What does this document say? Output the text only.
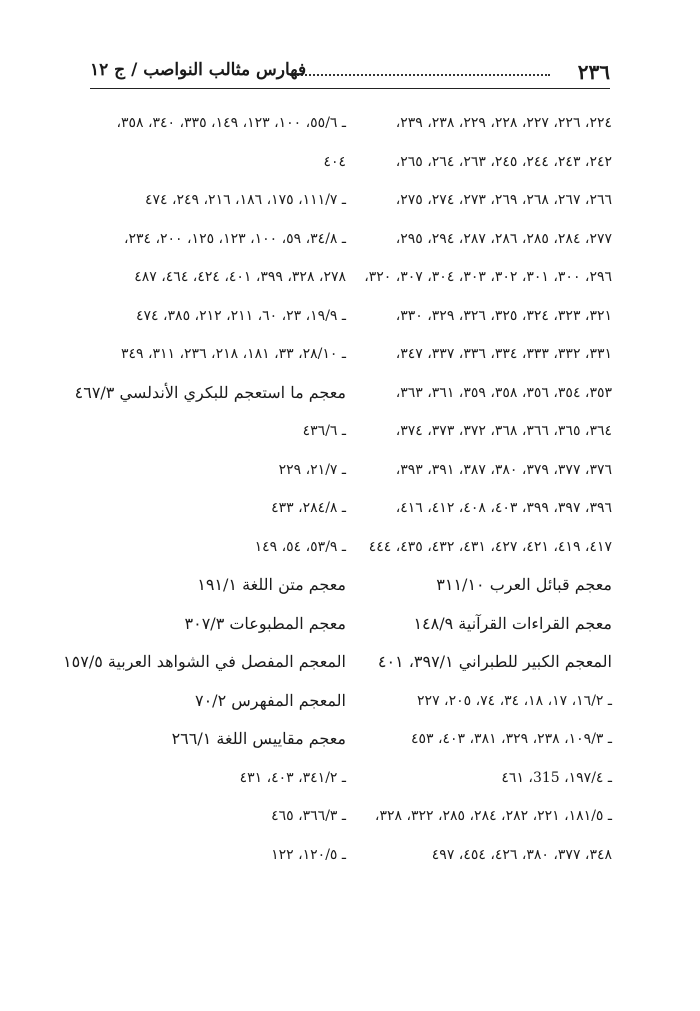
٢٣٦
فهارس مثالب النواصب / ج ١٢
٢٢٤، ٢٢٦، ٢٢٧، ٢٢٨، ٢٢٩، ٢٣٨، ٢٣٩،
٢٤٢، ٢٤٣، ٢٤٤، ٢٤٥، ٢٦٣، ٢٦٤، ٢٦٥،
٢٦٦، ٢٦٧، ٢٦٨، ٢٦٩، ٢٧٣، ٢٧٤، ٢٧٥،
٢٧٧، ٢٨٤، ٢٨٥، ٢٨٦، ٢٨٧، ٢٩٤، ٢٩٥،
٢٩٦، ٣٠٠، ٣٠١، ٣٠٢، ٣٠٣، ٣٠٤، ٣٠٧، ٣٢٠،
٣٢١، ٣٢٣، ٣٢٤، ٣٢٥، ٣٢٦، ٣٢٩، ٣٣٠،
٣٣١، ٣٣٢، ٣٣٣، ٣٣٤، ٣٣٦، ٣٣٧، ٣٤٧،
٣٥٣، ٣٥٤، ٣٥٦، ٣٥٨، ٣٥٩، ٣٦١، ٣٦٣،
٣٦٤، ٣٦٥، ٣٦٦، ٣٦٨، ٣٧٢، ٣٧٣، ٣٧٤،
٣٧٦، ٣٧٧، ٣٧٩، ٣٨٠، ٣٨٧، ٣٩١، ٣٩٣،
٣٩٦، ٣٩٧، ٣٩٩، ٤٠٣، ٤٠٨، ٤١٢، ٤١٦،
٤١٧، ٤١٩، ٤٢١، ٤٢٧، ٤٣١، ٤٣٢، ٤٣٥، ٤٤٤
معجم قبائل العرب ٣١١/١٠
معجم القراءات القرآنية ١٤٨/٩
المعجم الكبير للطبراني ٣٩٧/١، ٤٠١
ـ ١٦/٢، ١٧، ١٨، ٣٤، ٧٤، ٢٠٥، ٢٢٧
ـ ١٠٩/٣، ٢٣٨، ٣٢٩، ٣٨١، ٤٠٣، ٤٥٣
ـ ١٩٧/٤، 315، ٤٦١
ـ ١٨١/٥، ٢٢١، ٢٨٢، ٢٨٤، ٢٨٥، ٣٢٢، ٣٢٨،
٣٤٨، ٣٧٧، ٣٨٠، ٤٢٦، ٤٥٤، ٤٩٧
ـ ٥٥/٦، ١٠٠، ١٢٣، ١٤٩، ٣٣٥، ٣٤٠، ٣٥٨،
٤٠٤
ـ ١١١/٧، ١٧٥، ١٨٦، ٢١٦، ٢٤٩، ٤٧٤
ـ ٣٤/٨، ٥٩، ١٠٠، ١٢٣، ١٢٥، ٢٠٠، ٢٣٤،
٢٧٨، ٣٢٨، ٣٩٩، ٤٠١، ٤٢٤، ٤٦٤، ٤٨٧
ـ ١٩/٩، ٢٣، ٦٠، ٢١١، ٢١٢، ٣٨٥، ٤٧٤
ـ ٢٨/١٠، ٣٣، ١٨١، ٢١٨، ٢٣٦، ٣١١، ٣٤٩
معجم ما استعجم للبكري الأندلسي ٤٦٧/٣
ـ ٤٣٦/٦
ـ ٢١/٧، ٢٢٩
ـ ٢٨٤/٨، ٤٣٣
ـ ٥٣/٩، ٥٤، ١٤٩
معجم متن اللغة ١٩١/١
معجم المطبوعات ٣٠٧/٣
المعجم المفصل في الشواهد العربية ١٥٧/٥
المعجم المفهرس ٧٠/٢
معجم مقاييس اللغة ٢٦٦/١
ـ ٣٤١/٢، ٤٠٣، ٤٣١
ـ ٣٦٦/٣، ٤٦٥
ـ ١٢٠/٥، ١٢٢
